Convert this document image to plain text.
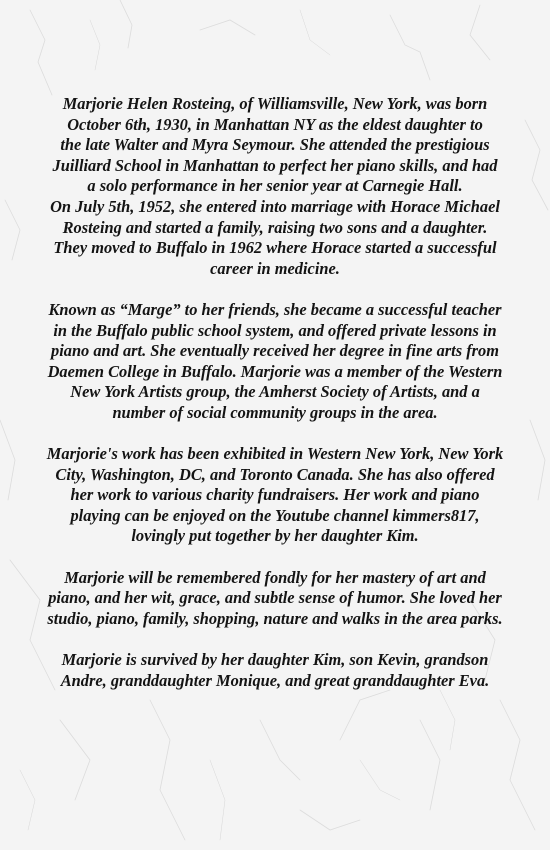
Marjorie Helen Rosteing, of Williamsville, New York, was born
October 6th, 1930, in Manhattan NY as the eldest daughter to
the late Walter and Myra Seymour. She attended the prestigious
Juilliard School in Manhattan to perfect her piano skills, and had
a solo performance in her senior year at Carnegie Hall.
On July 5th, 1952, she entered into marriage with Horace Michael
Rosteing and started a family, raising two sons and a daughter.
They moved to Buffalo in 1962 where Horace started a successful
career in medicine.

Known as “Marge” to her friends, she became a successful teacher
in the Buffalo public school system, and offered private lessons in
piano and art. She eventually received her degree in fine arts from
Daemen College in Buffalo. Marjorie was a member of the Western
New York Artists group, the Amherst Society of Artists, and a
number of social community groups in the area.

Marjorie's work has been exhibited in Western New York, New York
City, Washington, DC, and Toronto Canada. She has also offered
her work to various charity fundraisers. Her work and piano
playing can be enjoyed on the Youtube channel kimmers817,
lovingly put together by her daughter Kim.

Marjorie will be remembered fondly for her mastery of art and
piano, and her wit, grace, and subtle sense of humor. She loved her
studio, piano, family, shopping, nature and walks in the area parks.

Marjorie is survived by her daughter Kim, son Kevin, grandson
Andre, granddaughter Monique, and great granddaughter Eva.
